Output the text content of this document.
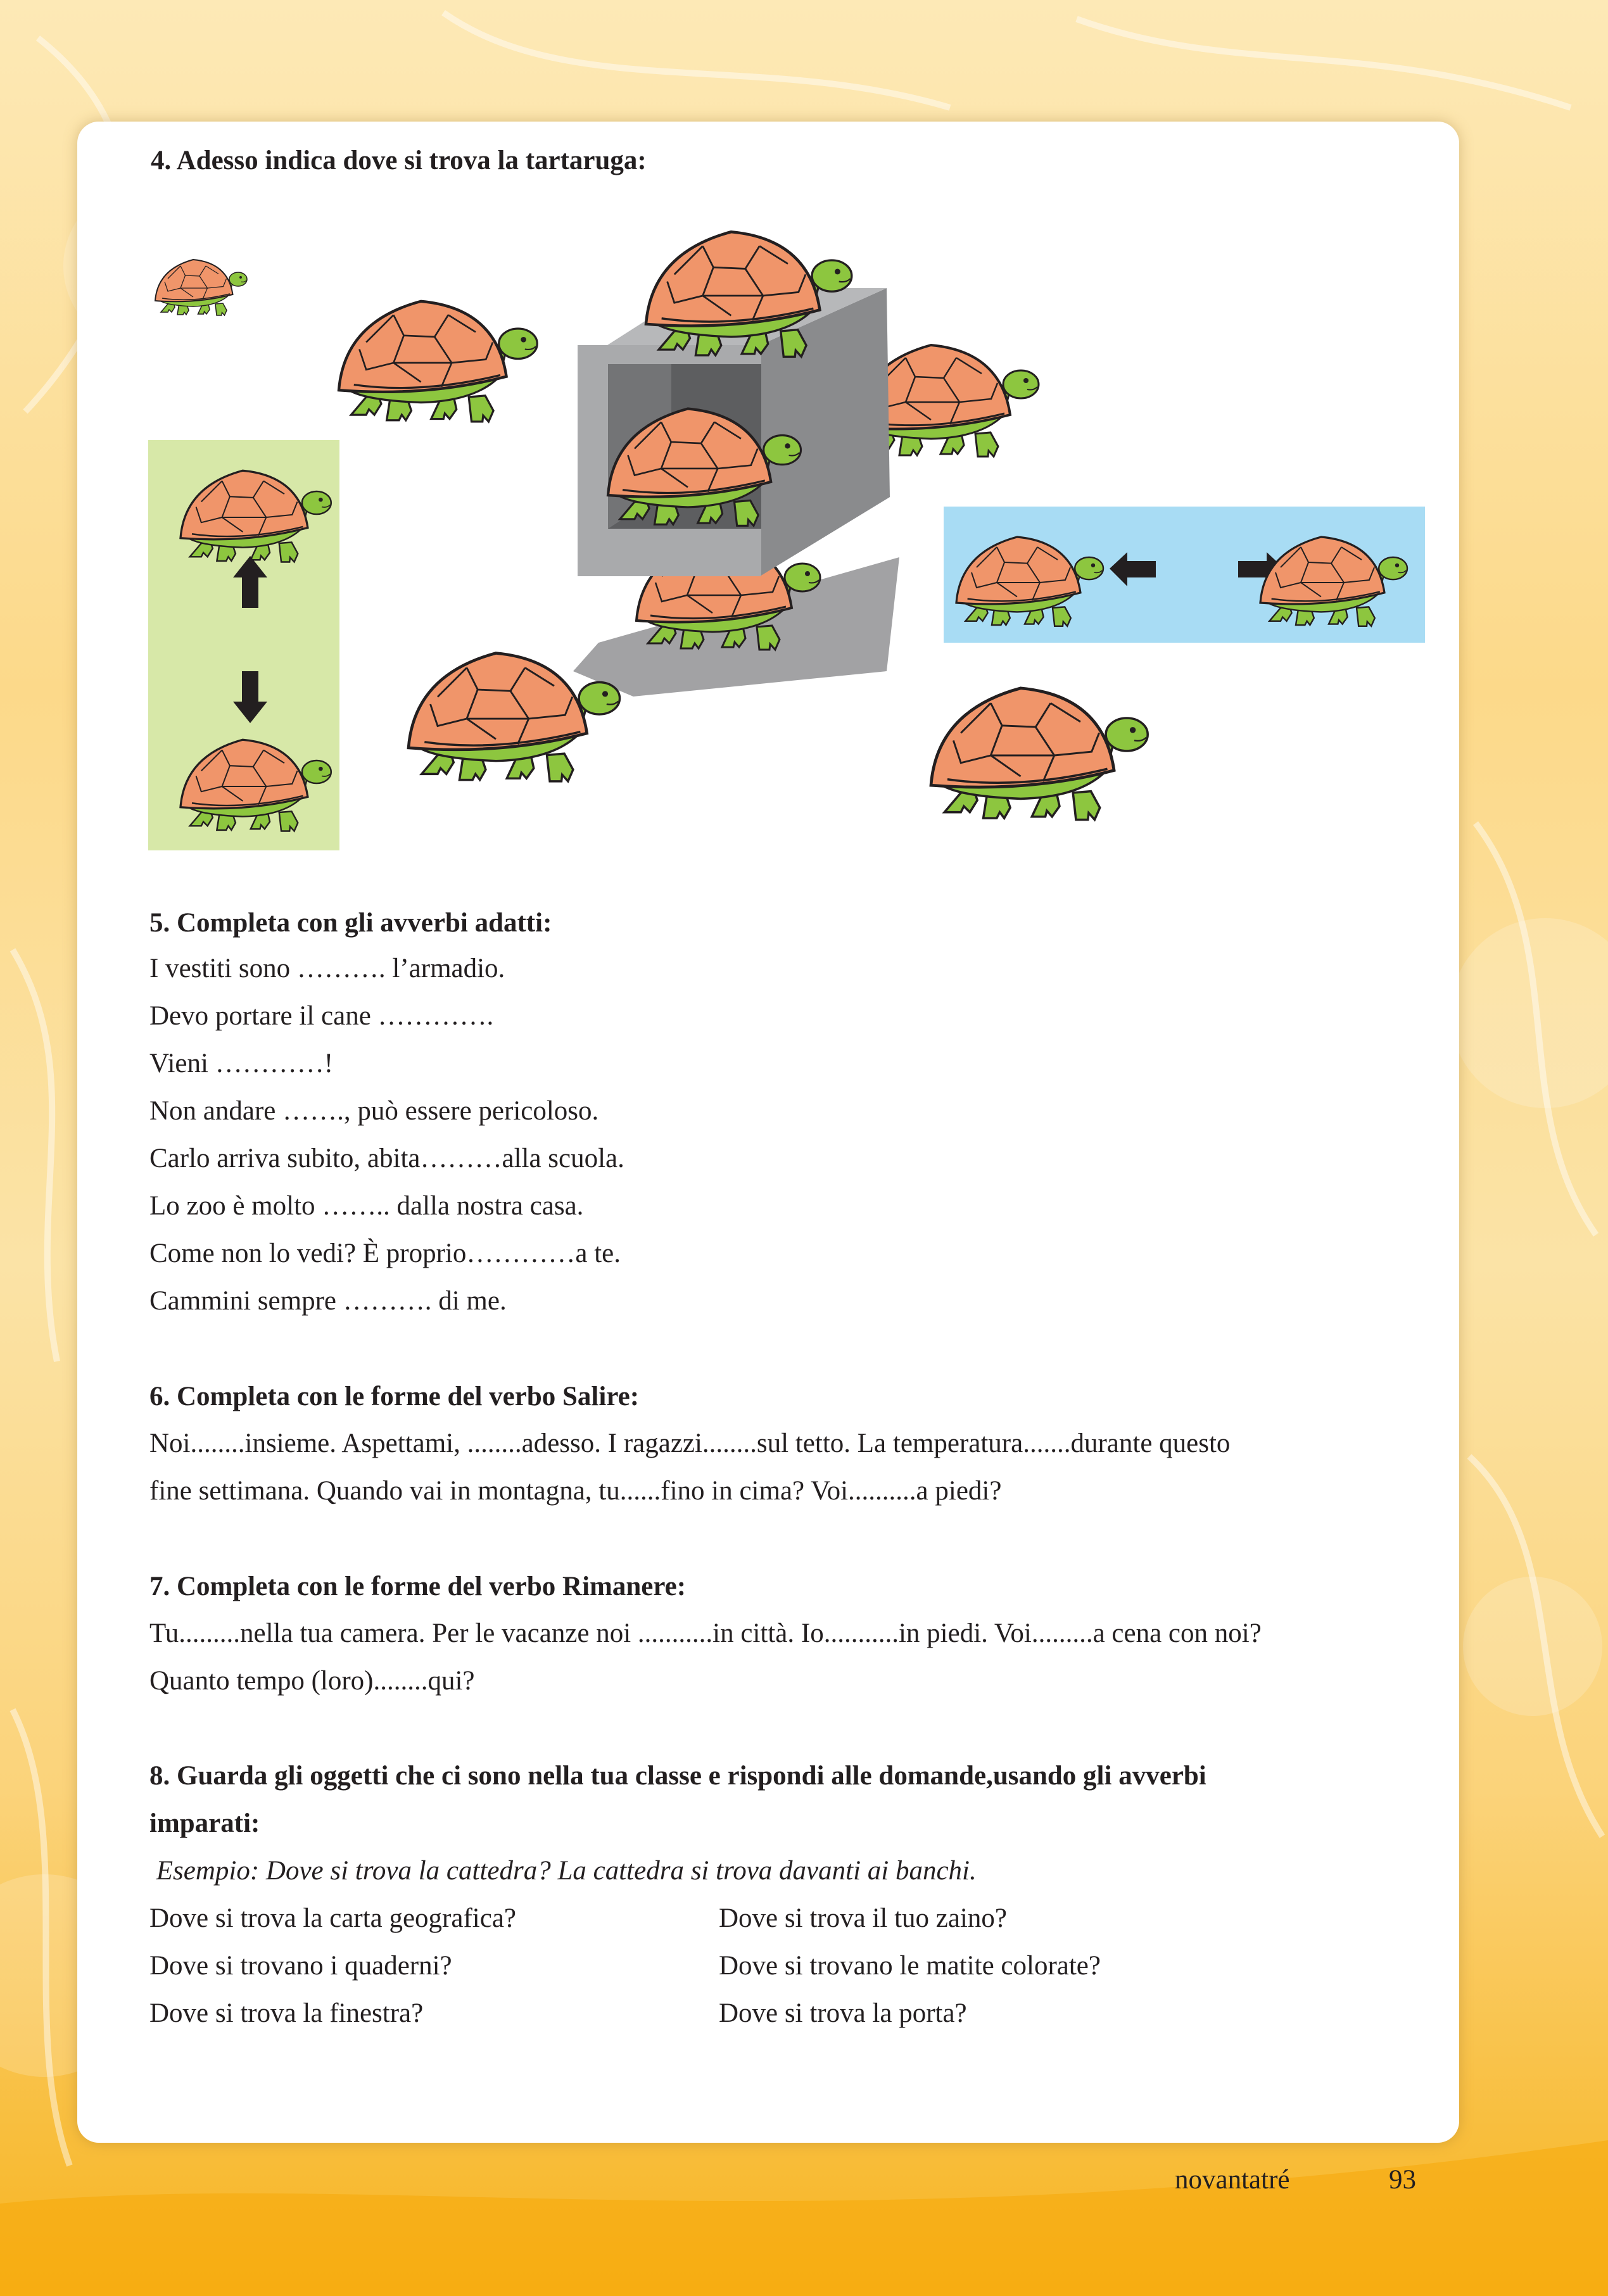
4. Adesso indica dove si trova la tartaruga:
5. Completa con gli avverbi adatti:
I vestiti sono ………. l’armadio.
Devo portare il cane ………….
Vieni …………!
Non andare ……., può essere pericoloso.
Carlo arriva subito, abita………alla scuola.
Lo zoo è molto …….. dalla nostra casa.
Come non lo vedi? È proprio…………a te.
Cammini sempre ………. di me.
6. Completa con le forme del verbo Salire:
Noi........insieme. Aspettami, ........adesso. I ragazzi........sul tetto. La temperatura.......durante questo
fine settimana. Quando vai in montagna, tu......fino in cima? Voi..........a piedi?
7. Completa con le forme del verbo Rimanere:
Tu.........nella tua camera. Per le vacanze noi ...........in città. Io...........in piedi. Voi.........a cena con noi?
Quanto tempo (loro)........qui?
8. Guarda gli oggetti che ci sono nella tua classe e rispondi alle domande,usando gli avverbi
imparati:
Esempio: Dove si trova la cattedra? La cattedra si trova davanti ai banchi.
Dove si trova la carta geografica?
Dove si trovano i quaderni?
Dove si trova la finestra?
Dove si trova il tuo zaino?
Dove si trovano le matite colorate?
Dove si trova la porta?
novantatré	93
